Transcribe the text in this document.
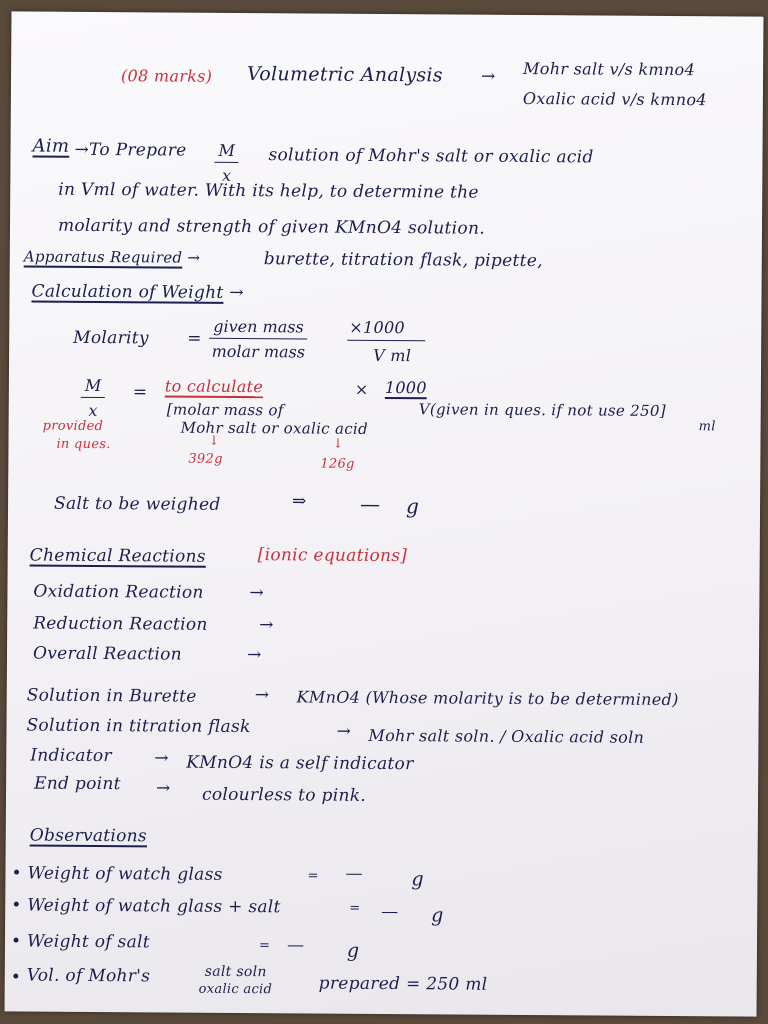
(08 marks) Volumetric Analysis → Mohr salt v/s kmno4
Oxalic acid v/s kmno4
Aim →To Prepare $\frac{M}{x}$ solution of Mohr's salt or oxalic acid
in Vml of water. With its help, to determine the
molarity and strength of given KMnO4 solution.
Apparatus Required →	burette, titration flask, pipette,
Calculation of Weight →
Molarity =
given mass
molar mass
×1000
V ml
$\frac{M}{x}$ = to calculate
[molar mass of
Mohr salt or oxalic acid
× 1000
V(given in ques. if not use 250]
ml
provided
in ques.	↓
392g
↓
126g
Salt to be weighed	⇒	— g
Chemical Reactions	[ionic equations]
Oxidation Reaction	→
Reduction Reaction	→
Overall Reaction	→
Solution in Burette	→ KMnO4 (Whose molarity is to be determined)
Solution in titration flask	→ Mohr salt soln. / Oxalic acid soln
Indicator → KMnO4 is a self indicator
End point → colourless to pink.
Observations
• Weight of watch glass	= —	g
• Weight of watch glass + salt	= — g
• Weight of salt	= — g
• Vol. of Mohr's	salt soln
oxalic acid	prepared = 250 ml
